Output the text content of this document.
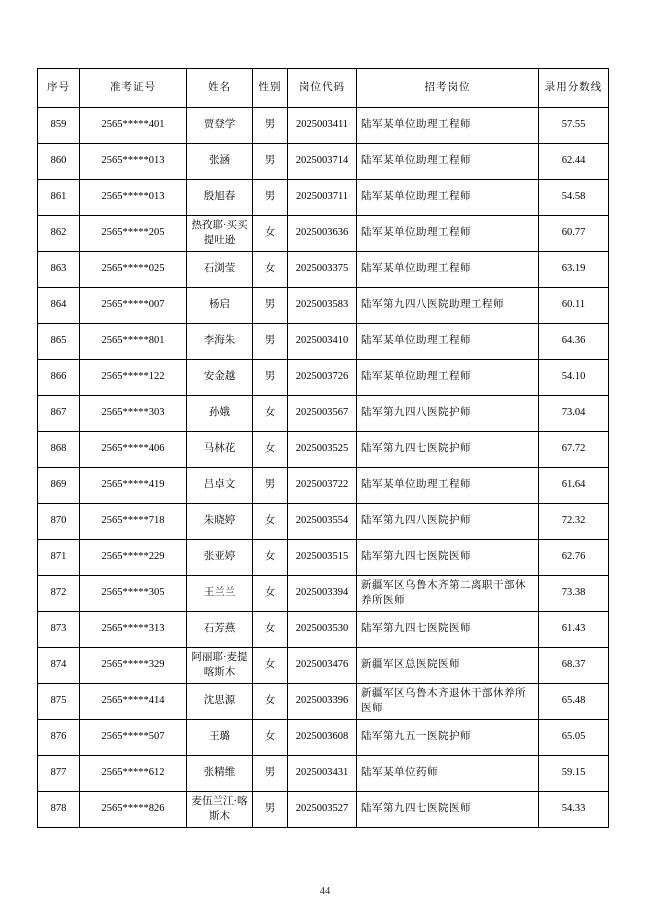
序号	准考证号	姓名	性别	岗位代码	招考岗位	录用分数线
859	2565*****401	贾登学	男	2025003411	陆军某单位助理工程师	57.55
860	2565*****013	张涵	男	2025003714	陆军某单位助理工程师	62.44
861	2565*****013	殷旭春	男	2025003711	陆军某单位助理工程师	54.58
862	2565*****205	热孜耶·买买提吐逊	女	2025003636	陆军某单位助理工程师	60.77
863	2565*****025	石浏莹	女	2025003375	陆军某单位助理工程师	63.19
864	2565*****007	杨启	男	2025003583	陆军第九四八医院助理工程师	60.11
865	2565*****801	李海朱	男	2025003410	陆军某单位助理工程师	64.36
866	2565*****122	安金越	男	2025003726	陆军某单位助理工程师	54.10
867	2565*****303	孙娥	女	2025003567	陆军第九四八医院护师	73.04
868	2565*****406	马林花	女	2025003525	陆军第九四七医院护师	67.72
869	2565*****419	吕卓文	男	2025003722	陆军某单位助理工程师	61.64
870	2565*****718	朱晓婷	女	2025003554	陆军第九四八医院护师	72.32
871	2565*****229	张亚婷	女	2025003515	陆军第九四七医院医师	62.76
872	2565*****305	王兰兰	女	2025003394	新疆军区乌鲁木齐第二离职干部休养所医师	73.38
873	2565*****313	石芳燕	女	2025003530	陆军第九四七医院医师	61.43
874	2565*****329	阿丽耶·麦提喀斯木	女	2025003476	新疆军区总医院医师	68.37
875	2565*****414	沈思源	女	2025003396	新疆军区乌鲁木齐退休干部休养所医师	65.48
876	2565*****507	王璐	女	2025003608	陆军第九五一医院护师	65.05
877	2565*****612	张精维	男	2025003431	陆军某单位药师	59.15
878	2565*****826	麦伍兰江·喀斯木	男	2025003527	陆军第九四七医院医师	54.33
44
